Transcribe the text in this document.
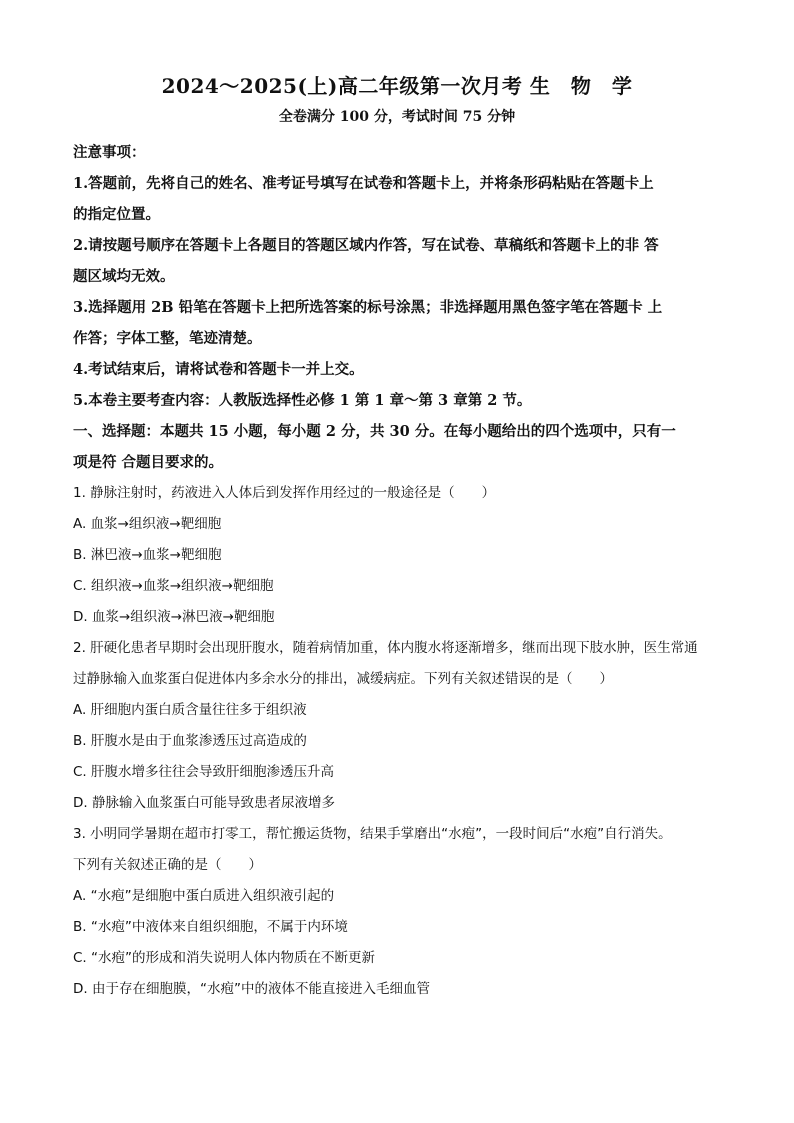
2024～2025(上)高二年级第一次月考 生　物　学
全卷满分 100 分，考试时间 75 分钟
注意事项：
1.答题前，先将自己的姓名、准考证号填写在试卷和答题卡上，并将条形码粘贴在答题卡上
的指定位置。
2.请按题号顺序在答题卡上各题目的答题区域内作答，写在试卷、草稿纸和答题卡上的非 答
题区域均无效。
3.选择题用 2B 铅笔在答题卡上把所选答案的标号涂黑；非选择题用黑色签字笔在答题卡 上
作答；字体工整，笔迹清楚。
4.考试结束后，请将试卷和答题卡一并上交。
5.本卷主要考查内容：人教版选择性必修 1 第 1 章～第 3 章第 2 节。
一、选择题：本题共 15 小题，每小题 2 分，共 30 分。在每小题给出的四个选项中，只有一
项是符 合题目要求的。
1. 静脉注射时，药液进入人体后到发挥作用经过的一般途径是（　　）
A. 血浆→组织液→靶细胞
B. 淋巴液→血浆→靶细胞
C. 组织液→血浆→组织液→靶细胞
D. 血浆→组织液→淋巴液→靶细胞
2. 肝硬化患者早期时会出现肝腹水，随着病情加重，体内腹水将逐渐增多，继而出现下肢水肿，医生常通
过静脉输入血浆蛋白促进体内多余水分的排出，减缓病症。下列有关叙述错误的是（　　）
A. 肝细胞内蛋白质含量往往多于组织液
B. 肝腹水是由于血浆渗透压过高造成的
C. 肝腹水增多往往会导致肝细胞渗透压升高
D. 静脉输入血浆蛋白可能导致患者尿液增多
3. 小明同学暑期在超市打零工，帮忙搬运货物，结果手掌磨出“水疱”，一段时间后“水疱”自行消失。
下列有关叙述正确的是（　　）
A. “水疱”是细胞中蛋白质进入组织液引起的
B. “水疱”中液体来自组织细胞，不属于内环境
C. “水疱”的形成和消失说明人体内物质在不断更新
D. 由于存在细胞膜，“水疱”中的液体不能直接进入毛细血管
